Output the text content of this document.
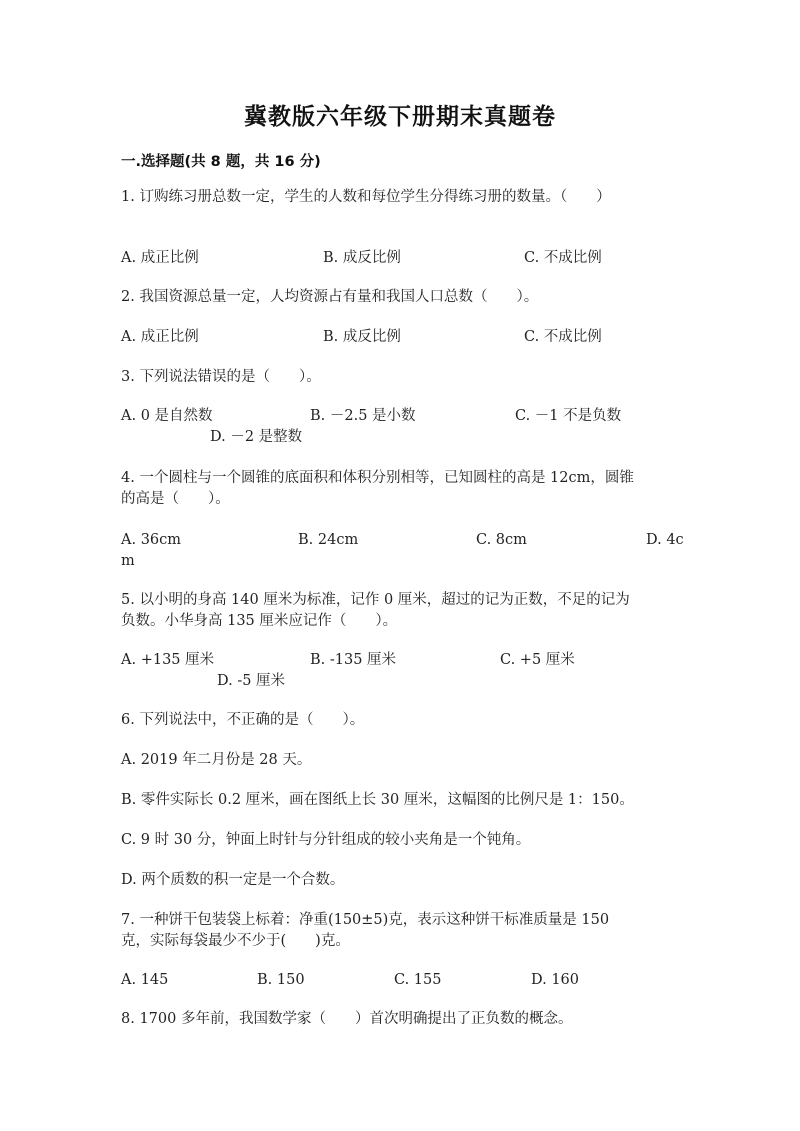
冀教版六年级下册期末真题卷
一.选择题(共 8 题，共 16 分)
1. 订购练习册总数一定，学生的人数和每位学生分得练习册的数量。（　　）
A. 成正比例	B. 成反比例	C. 不成比例
2. 我国资源总量一定，人均资源占有量和我国人口总数（　　）。
A. 成正比例	B. 成反比例	C. 不成比例
3. 下列说法错误的是（　　）。
A. 0 是自然数	B. －2.5 是小数	C. －1 不是负数
D. －2 是整数
4. 一个圆柱与一个圆锥的底面积和体积分别相等，已知圆柱的高是 12cm，圆锥
的高是（　　）。
A. 36cm	B. 24cm	C. 8cm	D. 4c
m
5. 以小明的身高 140 厘米为标准，记作 0 厘米，超过的记为正数，不足的记为
负数。小华身高 135 厘米应记作（　　）。
A. +135 厘米	B. -135 厘米	C. +5 厘米
D. -5 厘米
6. 下列说法中，不正确的是（　　）。
A. 2019 年二月份是 28 天。
B. 零件实际长 0.2 厘米，画在图纸上长 30 厘米，这幅图的比例尺是 1：150。
C. 9 时 30 分，钟面上时针与分针组成的较小夹角是一个钝角。
D. 两个质数的积一定是一个合数。
7. 一种饼干包装袋上标着：净重(150±5)克，表示这种饼干标准质量是 150
克，实际每袋最少不少于(　　)克。
A. 145	B. 150	C. 155	D. 160
8. 1700 多年前，我国数学家（　　）首次明确提出了正负数的概念。
